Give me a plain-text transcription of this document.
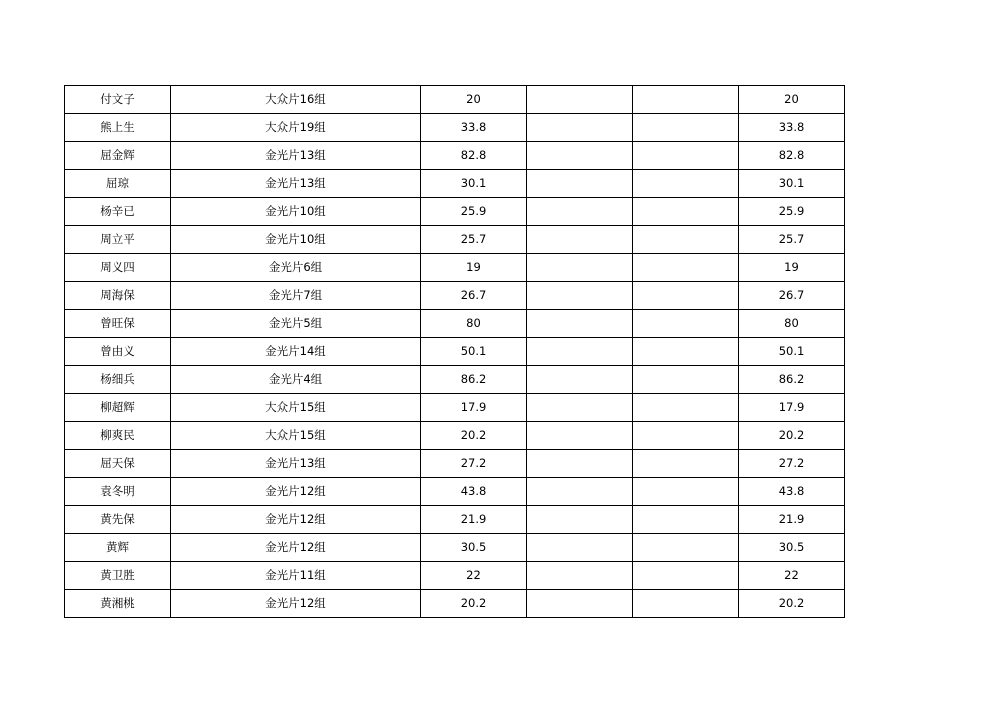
付文子	大众片16组	20			20
熊上生	大众片19组	33.8			33.8
屈金辉	金光片13组	82.8			82.8
屈琼	金光片13组	30.1			30.1
杨辛已	金光片10组	25.9			25.9
周立平	金光片10组	25.7			25.7
周义四	金光片6组	19			19
周海保	金光片7组	26.7			26.7
曾旺保	金光片5组	80			80
曾由义	金光片14组	50.1			50.1
杨细兵	金光片4组	86.2			86.2
柳超辉	大众片15组	17.9			17.9
柳爽民	大众片15组	20.2			20.2
屈天保	金光片13组	27.2			27.2
袁冬明	金光片12组	43.8			43.8
黄先保	金光片12组	21.9			21.9
黄辉	金光片12组	30.5			30.5
黄卫胜	金光片11组	22			22
黄湘桃	金光片12组	20.2			20.2
